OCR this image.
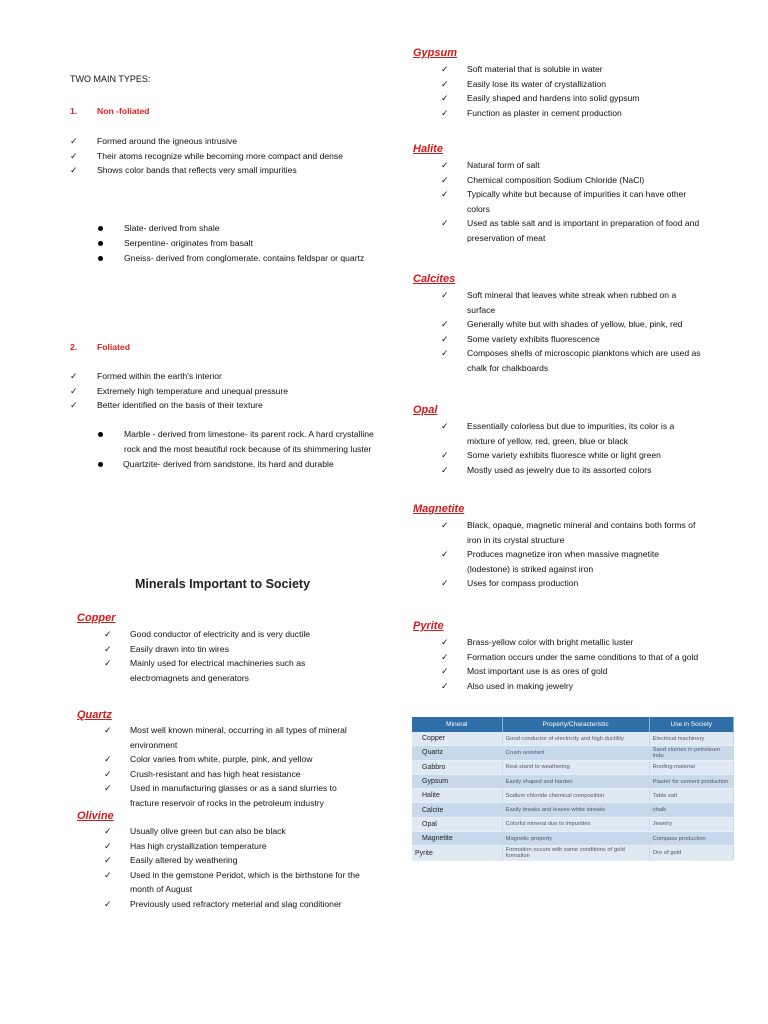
TWO MAIN TYPES:
1. Non -foliated
✓ Formed around the igneous intrusive
✓ Their atoms recognize while becoming more compact and dense
✓ Shows color bands that reflects very small impurities
Slate- derived from shale
Serpentine- originates from basalt
Gneiss- derived from conglomerate. contains feldspar or quartz
2. Foliated
✓ Formed within the earth's interior
✓ Extremely high temperature and unequal pressure
✓ Better identified on the basis of their texture
Marble - derived from limestone- its parent rock. A hard crystalline
rock and the most beautiful rock because of its shimmering luster
Quartzite- derived from sandstone, its hard and durable
Minerals Important to Society
Copper
✓ Good conductor of electricity and is very ductile
✓ Easily drawn into tin wires
✓ Mainly used for electrical machineries such as
electromagnets and generators
Quartz
✓ Most well known mineral, occurring in all types of mineral
environment
✓ Color varies from white, purple, pink, and yellow
✓ Crush-resistant and has high heat resistance
✓ Used in manufacturing glasses or as a sand slurries to
fracture reservoir of rocks in the petroleum industry
Olivine
✓ Usually olive green but can also be black
✓ Has high crystallization temperature
✓ Easily altered by weathering
✓ Used in the gemstone Peridot, which is the birthstone for the
month of August
✓ Previously used refractory meterial and slag conditioner
Gypsum
✓ Soft material that is soluble in water
✓ Easily lose its water of crystallization
✓ Easily shaped and hardens into solid gypsum
✓ Function as plaster in cement production
Halite
✓ Natural form of salt
✓ Chemical composition Sodium Chloride (NaCl)
✓ Typically white but because of impurities it can have other
colors
✓ Used as table salt and is important in preparation of food and
preservation of meat
Calcites
✓ Soft mineral that leaves white streak when rubbed on a
surface
✓ Generally white but with shades of yellow, blue, pink, red
✓ Some variety exhibits fluorescence
✓ Composes shells of microscopic planktons which are used as
chalk for chalkboards
Opal
✓ Essentially colorless but due to impurities, its color is a
mixture of yellow, red, green, blue or black
✓ Some variety exhibits fluoresce white or light green
✓ Mostly used as jewelry due to its assorted colors
Magnetite
✓ Black, opaque, magnetic mineral and contains both forms of
iron in its crystal structure
✓ Produces magnetize iron when massive magnetite
(lodestone) is striked against iron
✓ Uses for compass production
Pyrite
✓ Brass-yellow color with bright metallic luster
✓ Formation occurs under the same conditions to that of a gold
✓ Most important use is as ores of gold
✓ Also used in making jewelry
Mineral	Property/Characteristic	Use in Society
Copper	Good conductor of electricity and high ductility	Electrical machinery
Quartz	Crush resistant	Sand slurries in petroleum indu
Gabbro	Real stand to weathering	Roofing material
Gypsum	Easily shaped and harden	Plaster for cement production
Halite	Sodium chloride chemical composition	Table salt
Calcite	Easily breaks and leaves white streaks	chalk
Opal	Colorful mineral due to impurities	Jewelry
Magnetite	Magnetic property	Compass production
Pyrite	Formation occurs with same conditions of gold formation	Ore of gold
